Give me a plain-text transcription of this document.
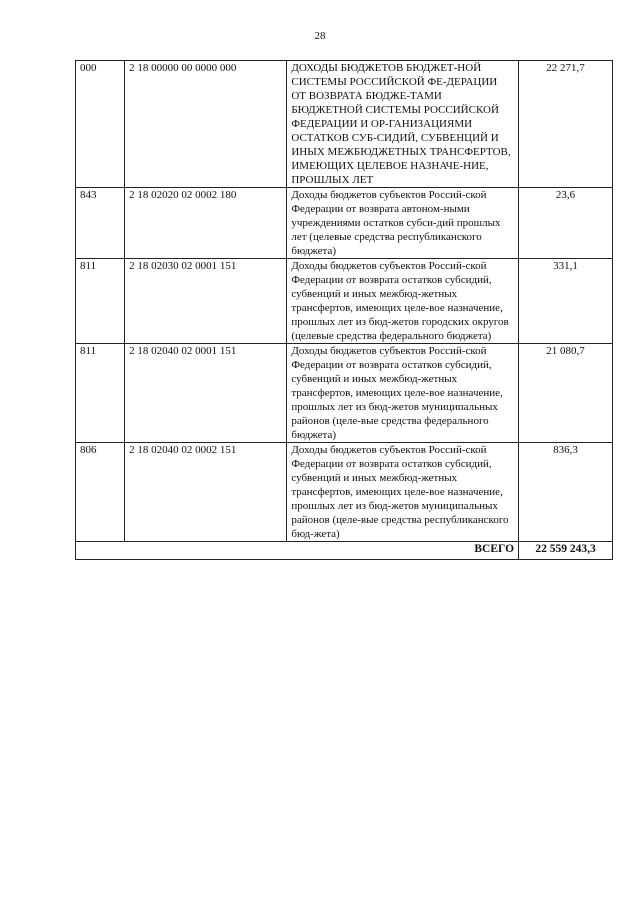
28
000	2 18 00000 00 0000 000	ДОХОДЫ БЮДЖЕТОВ БЮДЖЕТ-НОЙ СИСТЕМЫ РОССИЙСКОЙ ФЕ-ДЕРАЦИИ ОТ ВОЗВРАТА БЮДЖЕ-ТАМИ БЮДЖЕТНОЙ СИСТЕМЫ РОССИЙСКОЙ ФЕДЕРАЦИИ И ОР-ГАНИЗАЦИЯМИ ОСТАТКОВ СУБ-СИДИЙ, СУБВЕНЦИЙ И ИНЫХ МЕЖБЮДЖЕТНЫХ ТРАНСФЕРТОВ, ИМЕЮЩИХ ЦЕЛЕВОЕ НАЗНАЧЕ-НИЕ, ПРОШЛЫХ ЛЕТ	22 271,7
843	2 18 02020 02 0002 180	Доходы бюджетов субъектов Россий-ской Федерации от возврата автоном-ными учреждениями остатков субси-дий прошлых лет (целевые средства республиканского бюджета)	23,6
811	2 18 02030 02 0001 151	Доходы бюджетов субъектов Россий-ской Федерации от возврата остатков субсидий, субвенций и иных межбюд-жетных трансфертов, имеющих целе-вое назначение, прошлых лет из бюд-жетов городских округов (целевые средства федерального бюджета)	331,1
811	2 18 02040 02 0001 151	Доходы бюджетов субъектов Россий-ской Федерации от возврата остатков субсидий, субвенций и иных межбюд-жетных трансфертов, имеющих целе-вое назначение, прошлых лет из бюд-жетов муниципальных районов (целе-вые средства федерального бюджета)	21 080,7
806	2 18 02040 02 0002 151	Доходы бюджетов субъектов Россий-ской Федерации от возврата остатков субсидий, субвенций и иных межбюд-жетных трансфертов, имеющих целе-вое назначение, прошлых лет из бюд-жетов муниципальных районов (целе-вые средства республиканского бюд-жета)	836,3
ВСЕГО			22 559 243,3
